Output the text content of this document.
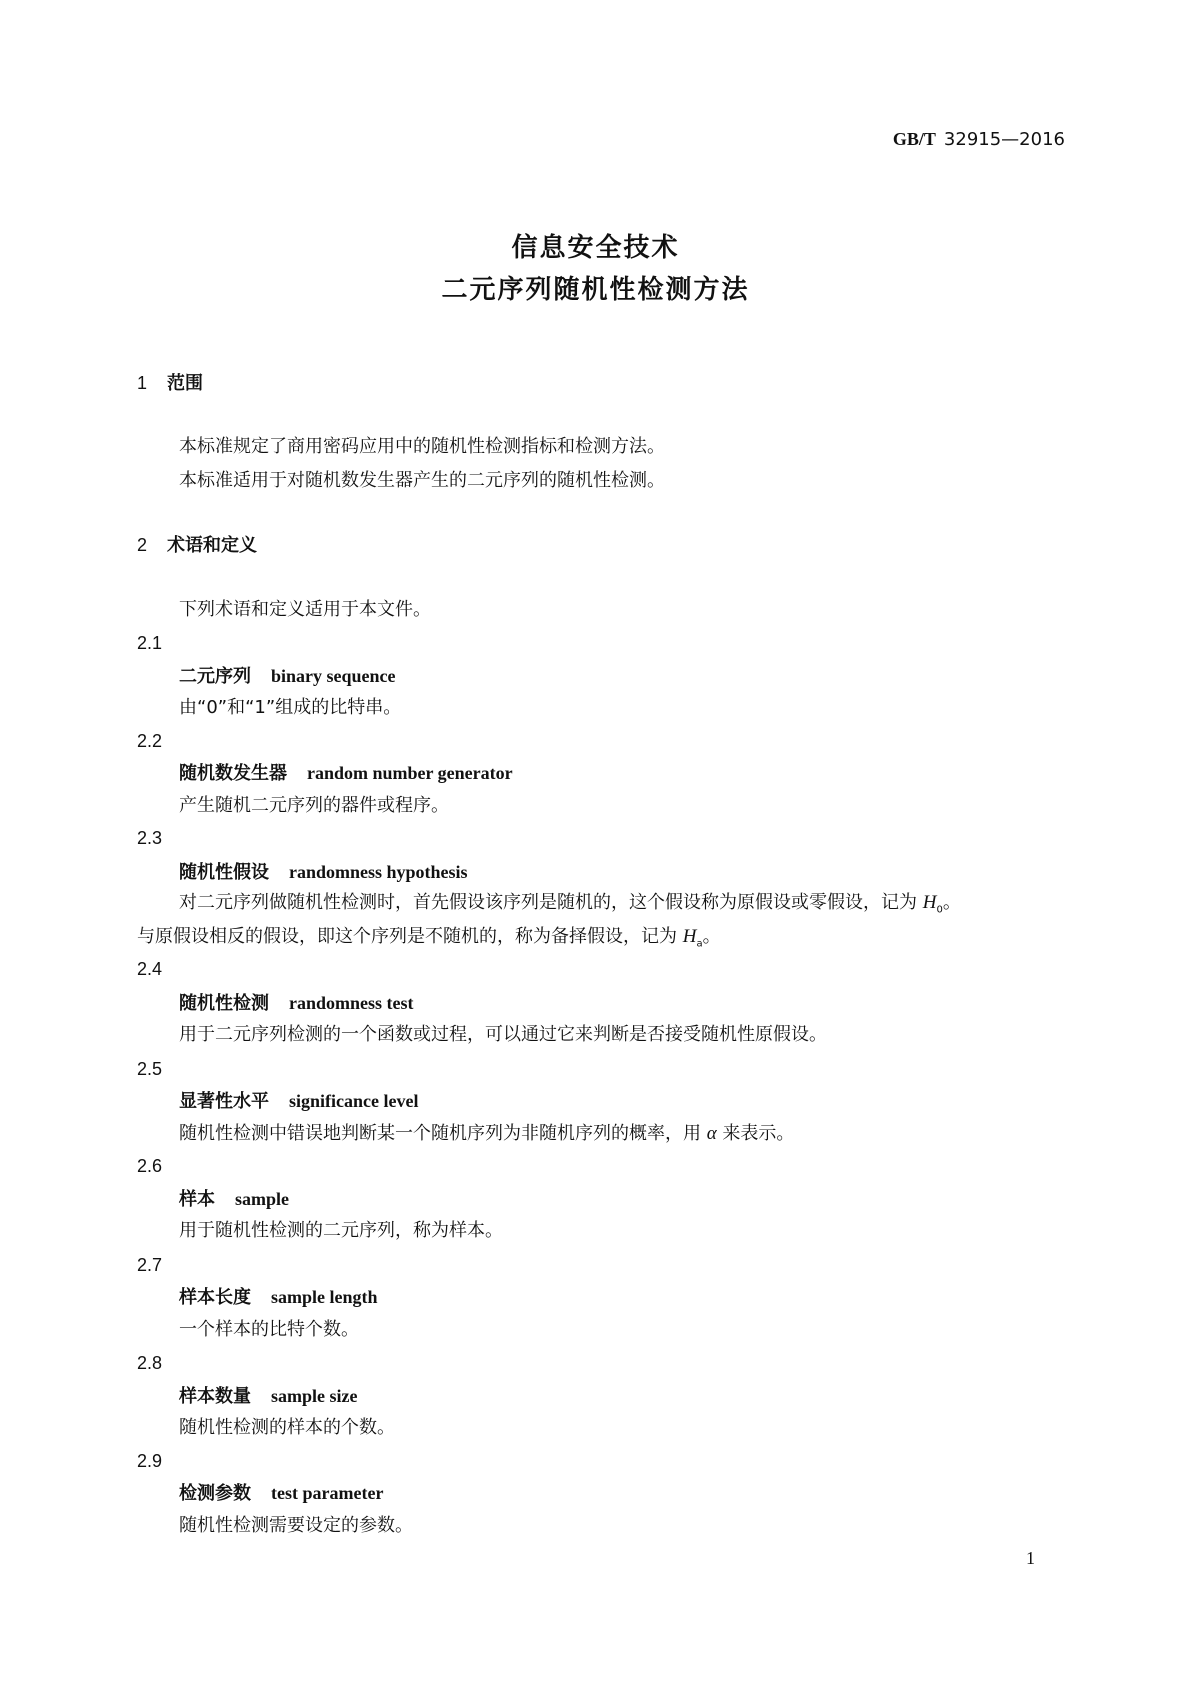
GB/T 32915—2016
信息安全技术
二元序列随机性检测方法
1 范围
本标准规定了商用密码应用中的随机性检测指标和检测方法。
本标准适用于对随机数发生器产生的二元序列的随机性检测。
2 术语和定义
下列术语和定义适用于本文件。
2.1
二元序列 binary sequence
由“0”和“1”组成的比特串。
2.2
随机数发生器 random number generator
产生随机二元序列的器件或程序。
2.3
随机性假设 randomness hypothesis
对二元序列做随机性检测时，首先假设该序列是随机的，这个假设称为原假设或零假设，记为 $H_0$。
与原假设相反的假设，即这个序列是不随机的，称为备择假设，记为 $H_a$。
2.4
随机性检测 randomness test
用于二元序列检测的一个函数或过程，可以通过它来判断是否接受随机性原假设。
2.5
显著性水平 significance level
随机性检测中错误地判断某一个随机序列为非随机序列的概率，用 α 来表示。
2.6
样本 sample
用于随机性检测的二元序列，称为样本。
2.7
样本长度 sample length
一个样本的比特个数。
2.8
样本数量 sample size
随机性检测的样本的个数。
2.9
检测参数 test parameter
随机性检测需要设定的参数。
1
